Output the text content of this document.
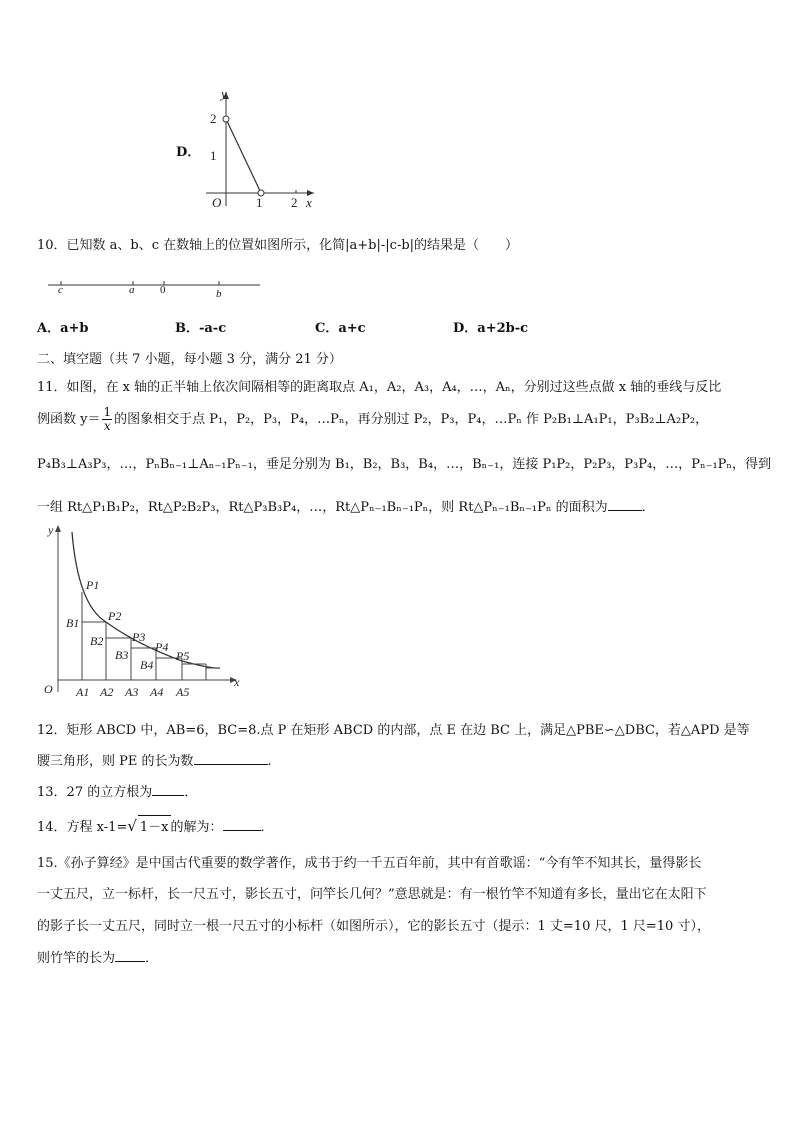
D．
y
x
O	1 2
1
2
10．已知数 a、b、c 在数轴上的位置如图所示，化简|a+b|-|c-b|的结果是（　　）
c	a 0	b
A．a+b	B．-a-c	C．a+c	D．a+2b-c
二、填空题（共 7 小题，每小题 3 分，满分 21 分）
11．如图，在 x 轴的正半轴上依次间隔相等的距离取点 A₁，A₂，A₃，A₄，…，Aₙ，分别过这些点做 x 轴的垂线与反比
例函数 $y= \frac{1}{x}$ 的图象相交于点 P₁，P₂，P₃，P₄，…Pₙ，再分别过 P₂，P₃，P₄，…Pₙ 作 P₂B₁⊥A₁P₁，P₃B₂⊥A₂P₂，
P₄B₃⊥A₃P₃，…，PₙBₙ₋₁⊥Aₙ₋₁Pₙ₋₁，垂足分别为 B₁，B₂，B₃，B₄，…，Bₙ₋₁，连接 P₁P₂，P₂P₃，P₃P₄，…，Pₙ₋₁Pₙ，得到
一组 Rt△P₁B₁P₂，Rt△P₂B₂P₃，Rt△P₃B₃P₄，…，Rt△Pₙ₋₁Bₙ₋₁Pₙ，则 Rt△Pₙ₋₁Bₙ₋₁Pₙ 的面积为	．
y
x
O A1 A2 A3 A4 A5
P1
P2
P3
P4
P5
B1
B2
B3
B4
12．矩形 ABCD 中，AB=6，BC=8.点 P 在矩形 ABCD 的内部，点 E 在边 BC 上，满足△PBE∽△DBC，若△APD 是等
腰三角形，则 PE 的长为数	.
13．27 的立方根为 ．
14．方程 x-1=√ 1－x 的解为：	．
15.《孙子算经》是中国古代重要的数学著作，成书于约一千五百年前，其中有首歌谣：“今有竿不知其长，量得影长
一丈五尺，立一标杆，长一尺五寸，影长五寸，问竿长几何？”意思就是：有一根竹竿不知道有多长，量出它在太阳下
的影子长一丈五尺，同时立一根一尺五寸的小标杆（如图所示），它的影长五寸（提示：1 丈=10 尺，1 尺=10 寸），
则竹竿的长为 ．
